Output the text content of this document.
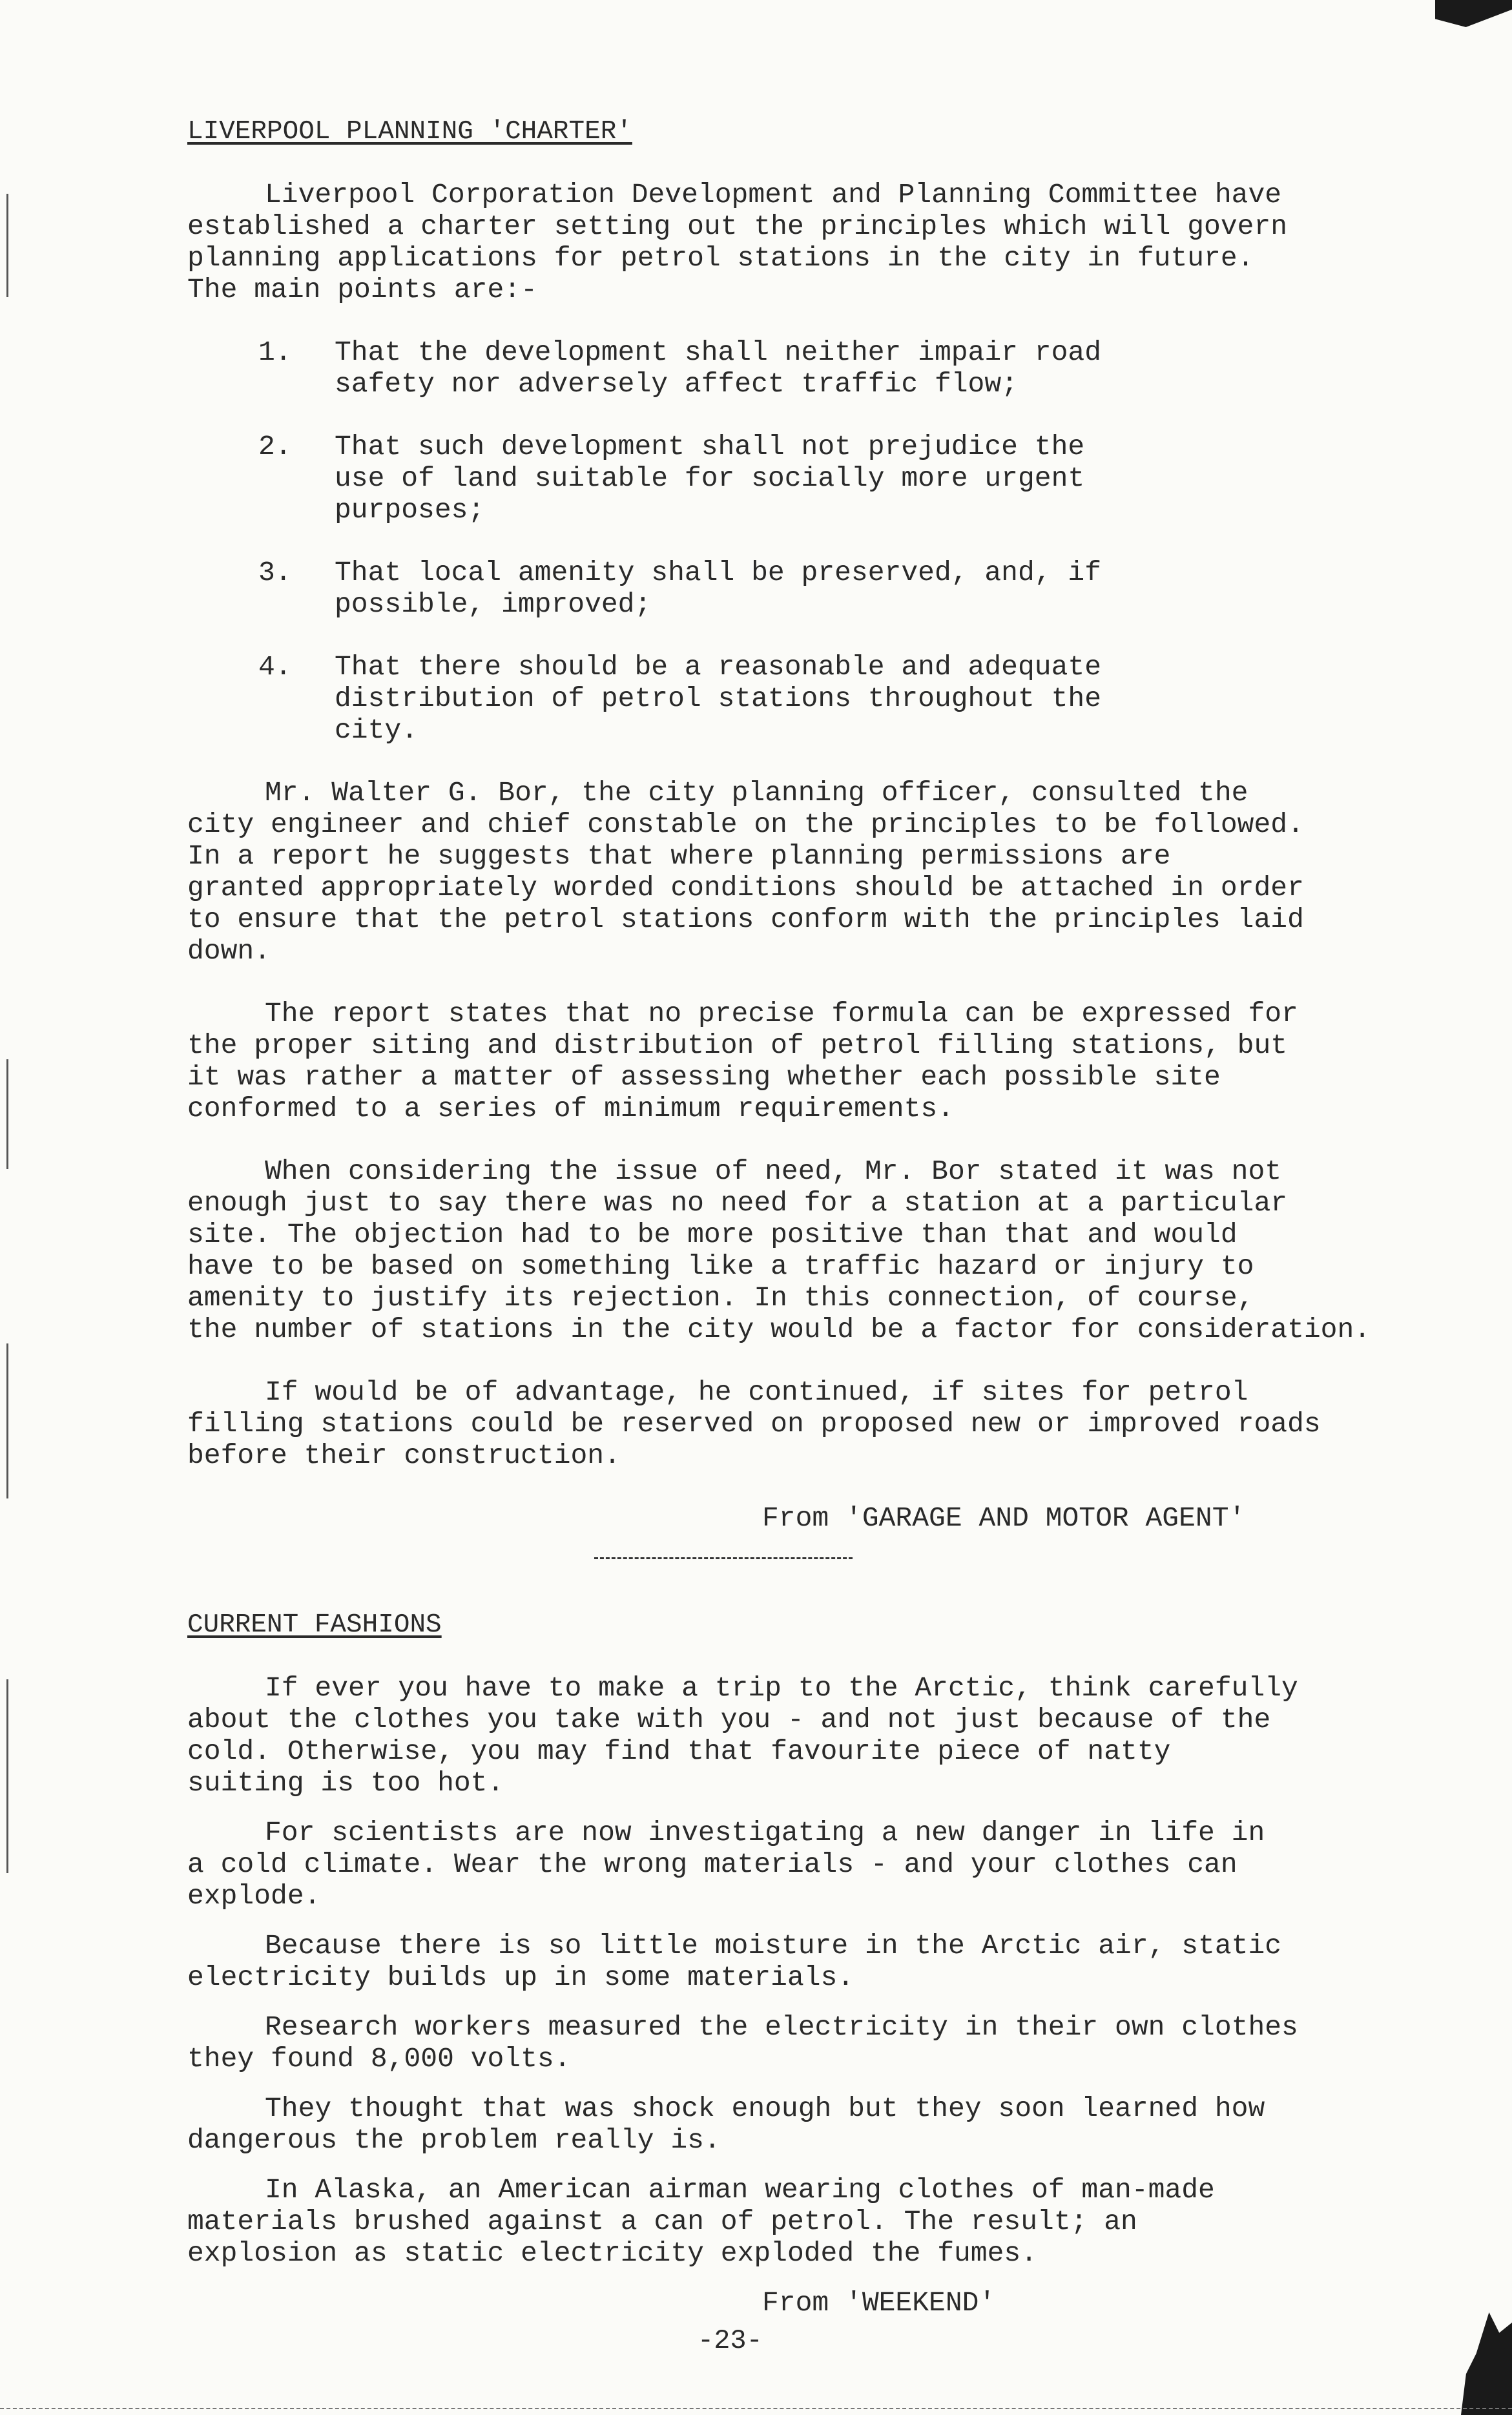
LIVERPOOL PLANNING 'CHARTER'

Liverpool Corporation Development and Planning Committee have
established a charter setting out the principles which will govern
planning applications for petrol stations in the city in future.
The main points are:-

1.	That the development shall neither impair road
safety nor adversely affect traffic flow;
2.	That such development shall not prejudice the
use of land suitable for socially more urgent
purposes;
3.	That local amenity shall be preserved, and, if
possible, improved;
4.	That there should be a reasonable and adequate
distribution of petrol stations throughout the
city.

Mr. Walter G. Bor, the city planning officer, consulted the
city engineer and chief constable on the principles to be followed.
In a report he suggests that where planning permissions are
granted appropriately worded conditions should be attached in order
to ensure that the petrol stations conform with the principles laid
down.

The report states that no precise formula can be expressed for
the proper siting and distribution of petrol filling stations, but
it was rather a matter of assessing whether each possible site
conformed to a series of minimum requirements.

When considering the issue of need, Mr. Bor stated it was not
enough just to say there was no need for a station at a particular
site. The objection had to be more positive than that and would
have to be based on something like a traffic hazard or injury to
amenity to justify its rejection. In this connection, of course,
the number of stations in the city would be a factor for consideration.

If would be of advantage, he continued, if sites for petrol
filling stations could be reserved on proposed new or improved roads
before their construction.

From 'GARAGE AND MOTOR AGENT'
CURRENT FASHIONS

If ever you have to make a trip to the Arctic, think carefully
about the clothes you take with you - and not just because of the
cold. Otherwise, you may find that favourite piece of natty
suiting is too hot.

For scientists are now investigating a new danger in life in
a cold climate. Wear the wrong materials - and your clothes can
explode.

Because there is so little moisture in the Arctic air, static
electricity builds up in some materials.

Research workers measured the electricity in their own clothes
they found 8,000 volts.

They thought that was shock enough but they soon learned how
dangerous the problem really is.

In Alaska, an American airman wearing clothes of man-made
materials brushed against a can of petrol. The result; an
explosion as static electricity exploded the fumes.

From 'WEEKEND'
-23-
